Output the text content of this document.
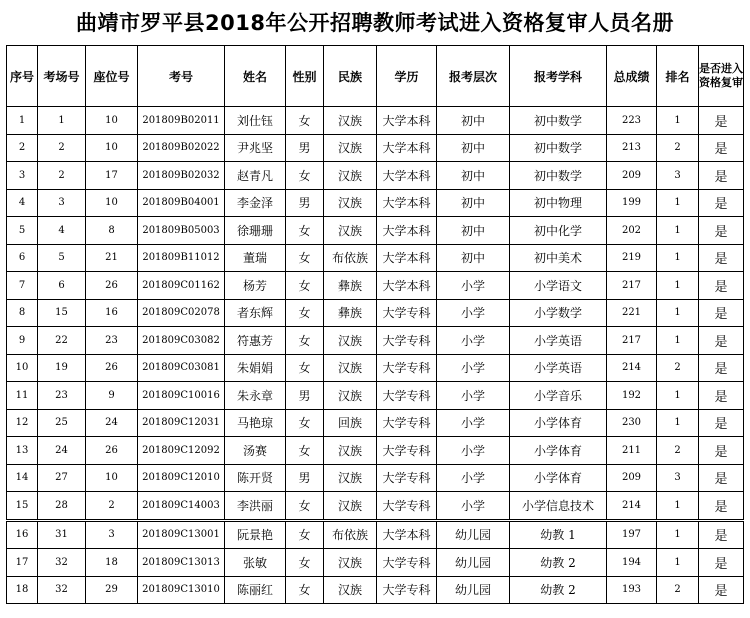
曲靖市罗平县2018年公开招聘教师考试进入资格复审人员名册
序号	考场号	座位号	考号	姓名	性别	民族	学历	报考层次	报考学科	总成绩	排名	是否进入资格复审
1	1	10	201809B02011	刘仕钰	女	汉族	大学本科	初中	初中数学	223	1	是
2	2	10	201809B02022	尹兆坚	男	汉族	大学本科	初中	初中数学	213	2	是
3	2	17	201809B02032	赵青凡	女	汉族	大学本科	初中	初中数学	209	3	是
4	3	10	201809B04001	李金泽	男	汉族	大学本科	初中	初中物理	199	1	是
5	4	8	201809B05003	徐珊珊	女	汉族	大学本科	初中	初中化学	202	1	是
6	5	21	201809B11012	董瑞	女	布依族	大学本科	初中	初中美术	219	1	是
7	6	26	201809C01162	杨芳	女	彝族	大学本科	小学	小学语文	217	1	是
8	15	16	201809C02078	者东辉	女	彝族	大学专科	小学	小学数学	221	1	是
9	22	23	201809C03082	符惠芳	女	汉族	大学专科	小学	小学英语	217	1	是
10	19	26	201809C03081	朱娟娟	女	汉族	大学专科	小学	小学英语	214	2	是
11	23	9	201809C10016	朱永章	男	汉族	大学专科	小学	小学音乐	192	1	是
12	25	24	201809C12031	马艳琼	女	回族	大学专科	小学	小学体育	230	1	是
13	24	26	201809C12092	汤赛	女	汉族	大学专科	小学	小学体育	211	2	是
14	27	10	201809C12010	陈开贤	男	汉族	大学专科	小学	小学体育	209	3	是
15	28	2	201809C14003	李洪丽	女	汉族	大学专科	小学	小学信息技术	214	1	是
16	31	3	201809C13001	阮景艳	女	布依族	大学本科	幼儿园	幼教 1	197	1	是
17	32	18	201809C13013	张敏	女	汉族	大学专科	幼儿园	幼教 2	194	1	是
18	32	29	201809C13010	陈丽红	女	汉族	大学专科	幼儿园	幼教 2	193	2	是
